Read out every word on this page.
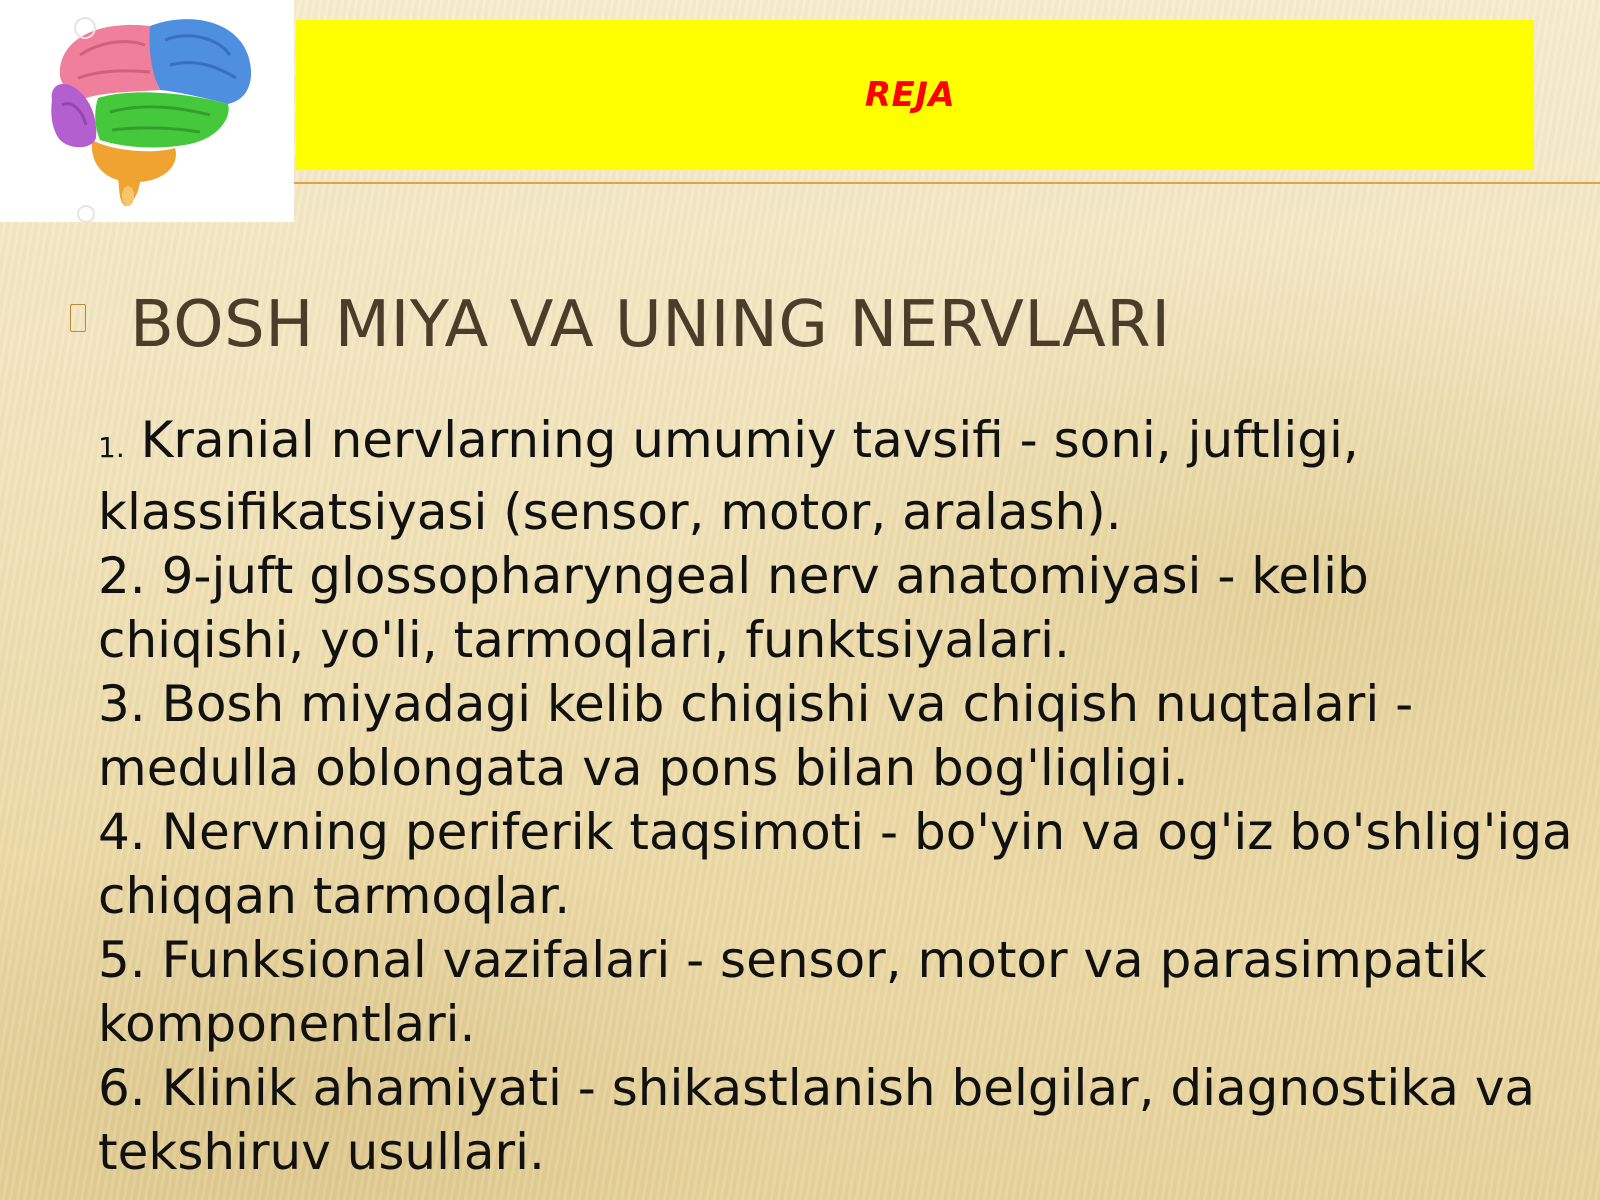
REJA
BOSH MIYA VA UNING NERVLARI

1. Kranial nervlarning umumiy tavsifi - soni, juftligi, klassifikatsiyasi (sensor, motor, aralash).

2. 9-juft glossopharyngeal nerv anatomiyasi - kelib chiqishi, yo'li, tarmoqlari, funktsiyalari.

3. Bosh miyadagi kelib chiqishi va chiqish nuqtalari - medulla oblongata va pons bilan bog'liqligi.

4. Nervning periferik taqsimoti - bo'yin va og'iz bo'shlig'iga chiqqan tarmoqlar.

5. Funksional vazifalari - sensor, motor va parasimpatik komponentlari.

6. Klinik ahamiyati - shikastlanish belgilar, diagnostika va tekshiruv usullari.
